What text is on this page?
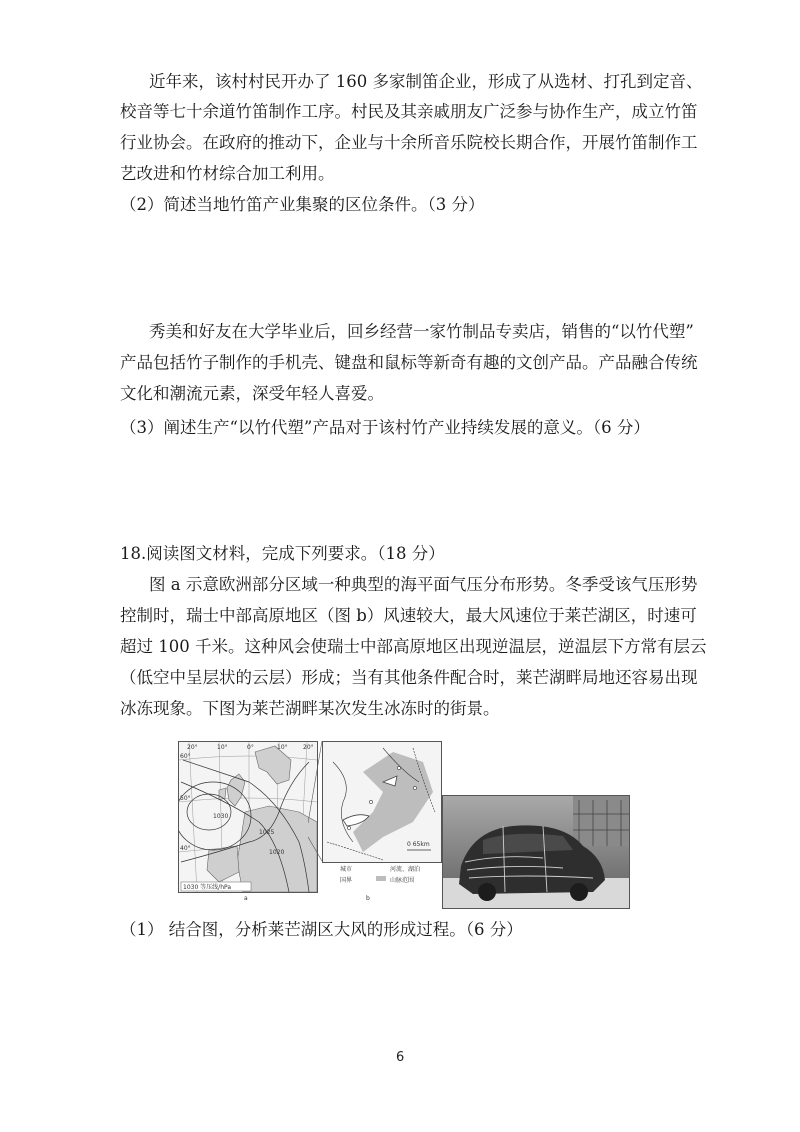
近年来，该村村民开办了 160 多家制笛企业，形成了从选材、打孔到定音、
校音等七十余道竹笛制作工序。村民及其亲戚朋友广泛参与协作生产，成立竹笛
行业协会。在政府的推动下，企业与十余所音乐院校长期合作，开展竹笛制作工
艺改进和竹材综合加工利用。
（2）简述当地竹笛产业集聚的区位条件。（3 分）
秀美和好友在大学毕业后，回乡经营一家竹制品专卖店，销售的“以竹代塑”
产品包括竹子制作的手机壳、键盘和鼠标等新奇有趣的文创产品。产品融合传统
文化和潮流元素，深受年轻人喜爱。
（3）阐述生产“以竹代塑”产品对于该村竹产业持续发展的意义。（6 分）
18.阅读图文材料，完成下列要求。（18 分）
图 a 示意欧洲部分区域一种典型的海平面气压分布形势。冬季受该气压形势
控制时，瑞士中部高原地区（图 b）风速较大，最大风速位于莱芒湖区，时速可
超过 100 千米。这种风会使瑞士中部高原地区出现逆温层，逆温层下方常有层云
（低空中呈层状的云层）形成；当有其他条件配合时，莱芒湖畔局地还容易出现
冰冻现象。下图为莱芒湖畔某次发生冰冻时的街景。
1030
1025
1020
20°	10°	0°	10°	20°
60°
50°
40°
1030 等压线/hPa
a
0 65km
城市	河流、湖泊
国界	山脉范围
b
（1） 结合图，分析莱芒湖区大风的形成过程。（6 分）
6
